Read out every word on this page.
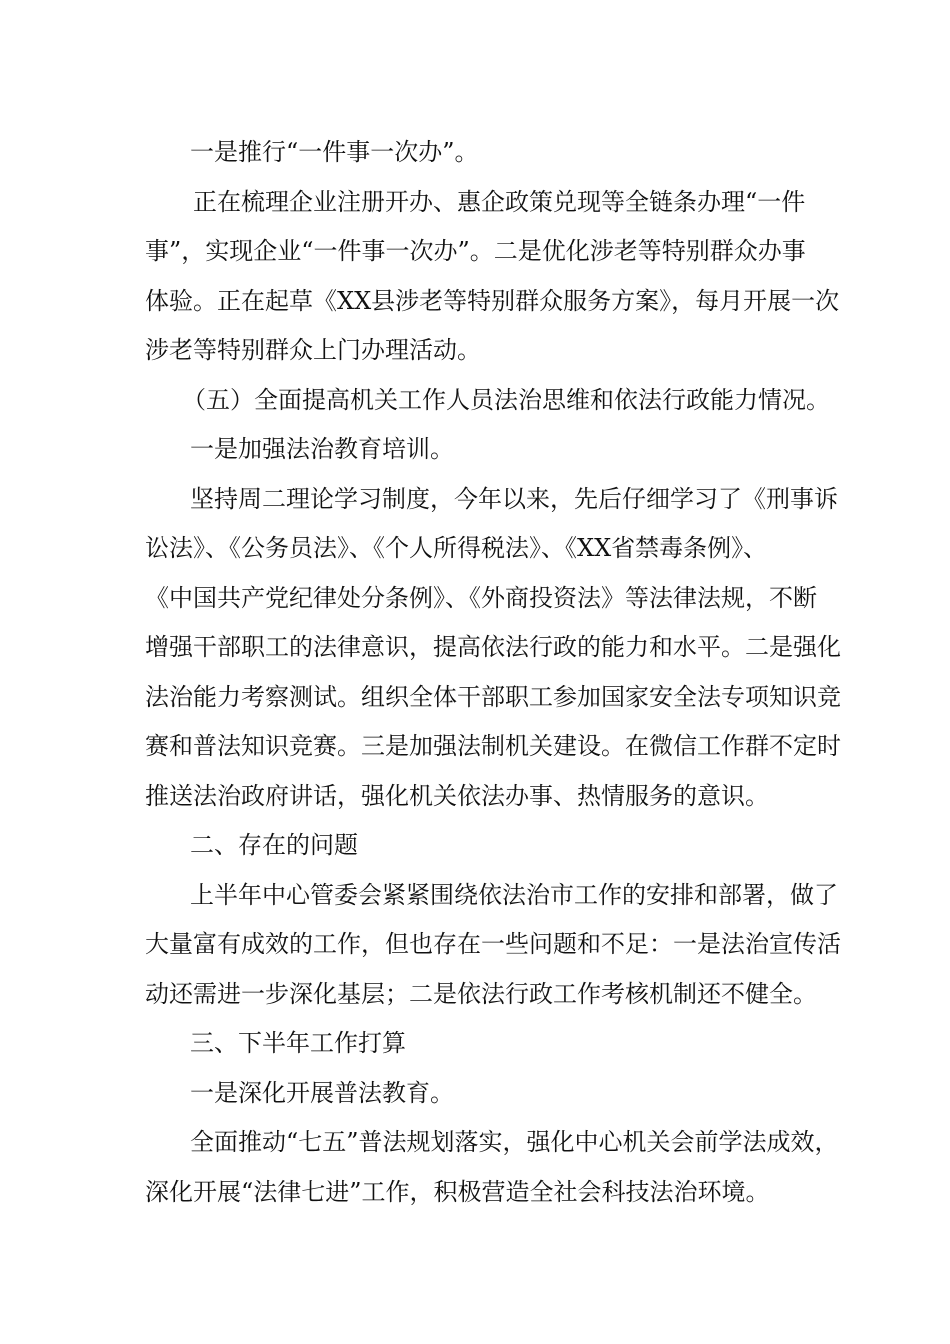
一是推行“一件事一次办”。
正在梳理企业注册开办、惠企政策兑现等全链条办理“一件
事”，实现企业“一件事一次办”。二是优化涉老等特别群众办事
体验。正在起草《XX县涉老等特别群众服务方案》，每月开展一次
涉老等特别群众上门办理活动。
（五）全面提高机关工作人员法治思维和依法行政能力情况。
一是加强法治教育培训。
坚持周二理论学习制度，今年以来，先后仔细学习了《刑事诉
讼法》、《公务员法》、《个人所得税法》、《XX省禁毒条例》、
《中国共产党纪律处分条例》、《外商投资法》等法律法规，不断
增强干部职工的法律意识，提高依法行政的能力和水平。二是强化
法治能力考察测试。组织全体干部职工参加国家安全法专项知识竞
赛和普法知识竞赛。三是加强法制机关建设。在微信工作群不定时
推送法治政府讲话，强化机关依法办事、热情服务的意识。
二、存在的问题
上半年中心管委会紧紧围绕依法治市工作的安排和部署，做了
大量富有成效的工作，但也存在一些问题和不足：一是法治宣传活
动还需进一步深化基层；二是依法行政工作考核机制还不健全。
三、下半年工作打算
一是深化开展普法教育。
全面推动“七五”普法规划落实，强化中心机关会前学法成效，
深化开展“法律七进”工作，积极营造全社会科技法治环境。
